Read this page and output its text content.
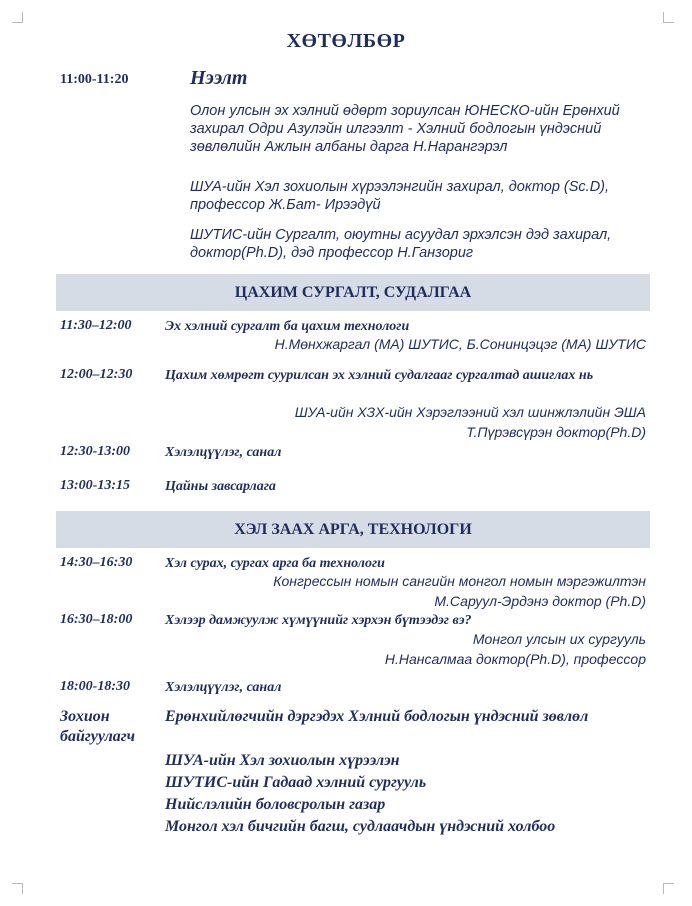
ХӨТӨЛБӨР
11:00-11:20	Нээлт
Олон улсын эх хэлний өдөрт зориулсан ЮНЕСКО-ийн Ерөнхий захирал Одри Азулэйн илгээлт - Хэлний бодлогын үндэсний зөвлөлийн Ажлын албаны дарга Н.Нарангэрэл
ШУА-ийн Хэл зохиолын хүрээлэнгийн захирал, доктор (Sc.D), профессор Ж.Бат- Ирээдүй
ШУТИС-ийн Сургалт, оюутны асуудал эрхэлсэн дэд захирал, доктор(Ph.D), дэд профессор Н.Ганзориг
ЦАХИМ СУРГАЛТ, СУДАЛГАА
11:30–12:00 Эх хэлний сургалт ба цахим технологи
Н.Мөнхжаргал (МА) ШУТИС, Б.Сонинцэцэг (МА) ШУТИС
12:00–12:30 Цахим хөмрөгт суурилсан эх хэлний судалгааг сургалтад ашиглах нь
ШУА-ийн ХЗХ-ийн Хэрэглээний хэл шинжлэлийн ЭША
Т.Пүрэвсүрэн доктор(Ph.D)
12:30-13:00	Хэлэлцүүлэг, санал
13:00-13:15	Цайны завсарлага
ХЭЛ ЗААХ АРГА, ТЕХНОЛОГИ
14:30–16:30 Хэл сурах, сургах арга ба технологи
Конгрессын номын сангийн монгол номын мэргэжилтэн
М.Саруул-Эрдэнэ доктор (Ph.D)
16:30–18:00 Хэлээр дамжуулж хүмүүнийг хэрхэн бүтээдэг вэ?
Монгол улсын их сургууль
Н.Нансалмаа доктор(Ph.D), профессор
18:00-18:30	Хэлэлцүүлэг, санал
Зохион
байгуулагч
Ерөнхийлөгчийн дэргэдэх Хэлний бодлогын үндэсний зөвлөл
ШУА-ийн Хэл зохиолын хүрээлэн
ШУТИС-ийн Гадаад хэлний сургууль
Нийслэлийн боловсролын газар
Монгол хэл бичгийн багш, судлаачдын үндэсний холбоо
